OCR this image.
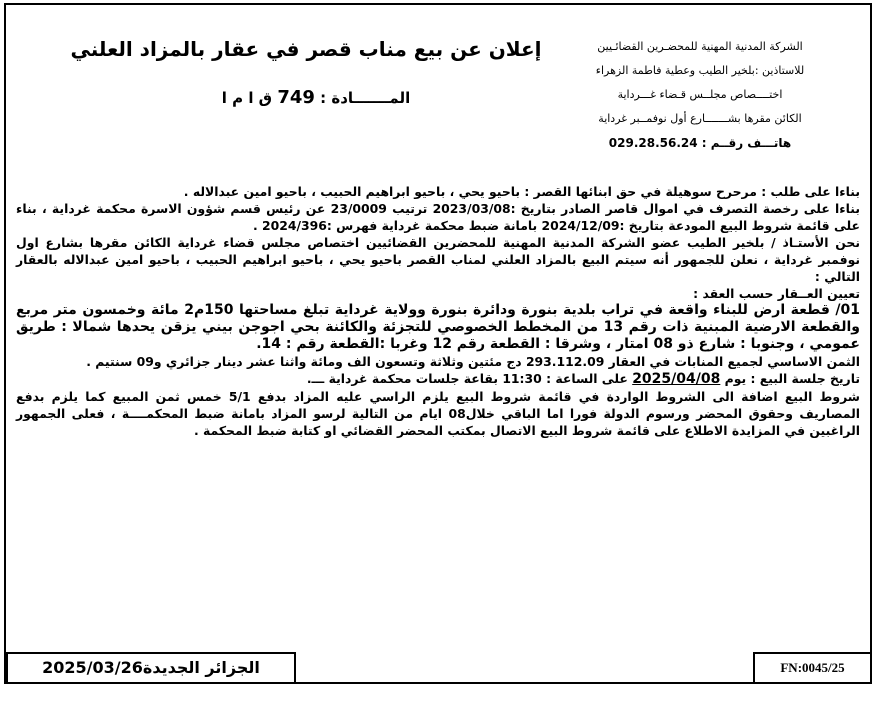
الشركة المدنية المهنية للمحضـرين القضائـيين
للاستاذين :بلخير الطيب وعطية فاطمة الزهراء
اختــــصاص مجلــس قـضاء غـــرداية
الكائن مقرها بشـــــــارع أول نوفمــبر غرداية
هاتـــف رقــم : 029.28.56.24
إعلان عن بيع مناب قصر في عقار بالمزاد العلني
المـــــــادة : 749 ق ا م ا

بناءا على طلب : مرحرح سوهيلة في حق ابنائها القصر : باحيو يحي ، باحيو ابراهيم الحبيب ، باحيو امين عبدالاله .

بناءا على رخصة التصرف في اموال قاصر الصادر بتاريخ :2023/03/08 ترتيب 23/0009 عن رئيس قسم شؤون الاسرة محكمة غرداية ، بناء على قائمة شروط البيع المودعة بتاريخ :2024/12/09 بامانة ضبط محكمة غرداية فهرس :2024/396 .

نحن الأستـاذ / بلخير الطيب عضو الشركة المدنية المهنية للمحضرين القضائيين اختصاص مجلس قضاء غرداية الكائن مقرها بشارع اول نوفمبر غرداية ، نعلن للجمهور أنه سيتم البيع بالمزاد العلني لمناب القصر باحيو يحي ، باحيو ابراهيم الحبيب ، باحيو امين عبدالاله بالعقار التالي :

تعيين العــقار حسب العقد :

01/ قطعة ارض للبناء واقعة في تراب بلدية بنورة ودائرة بنورة وولاية غرداية تبلغ مساحتها 150م2 مائة وخمسون متر مربع والقطعة الارضية المبنية ذات رقم 13 من المخطط الخصوصي للتجزئة والكائنة بحي اجوجن بيني يزقن يحدها شمالا : طريق عمومي ، وجنوبا : شارع ذو 08 امتار ، وشرقا : القطعة رقم 12 وغربا :القطعة رقم : 14.

الثمن الاساسي لجميع المنابات في العقار 293.112.09 دج مئتين وثلاثة وتسعون الف ومائة واثنا عشر دينار جزائري و09 سنتيم .

تاريخ جلسة البيع : يوم 2025/04/08 على الساعة : 11:30 بقاعة جلسات محكمة غرداية ـــ.

شروط البيع اضافة الى الشروط الواردة في قائمة شروط البيع يلزم الراسي عليه المزاد بدفع 5/1 خمس ثمن المبيع كما يلزم بدفع المصاريف وحقوق المحضر ورسوم الدولة فورا اما الباقي خلال08 ايام من التالية لرسو المزاد بامانة ضبط المحكمــــة ، فعلى الجمهور الراغبين في المزايدة الاطلاع على قائمة شروط البيع الاتصال بمكتب المحضر القضائي او كتابة ضبط المحكمة .

الجزائر الجديدة2025/03/26	FN:0045/25
